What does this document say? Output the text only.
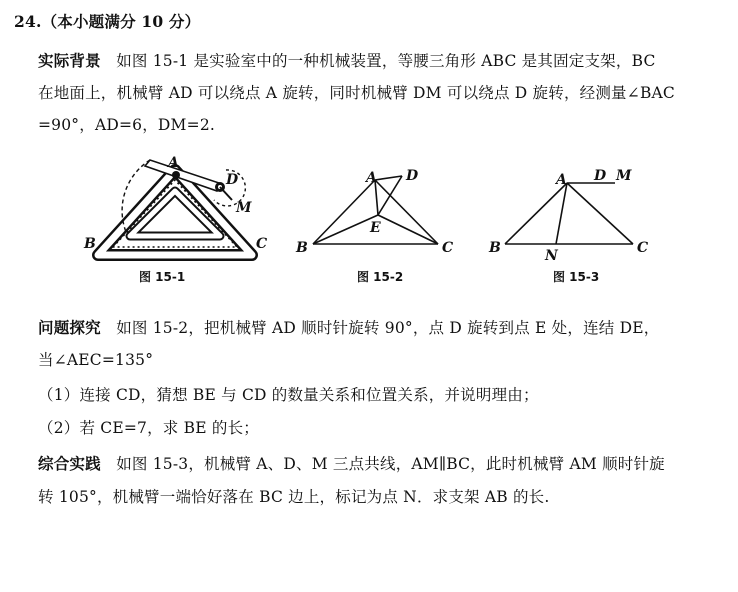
24.（本小题满分 10 分）
实际背景 如图 15-1 是实验室中的一种机械装置，等腰三角形 ABC 是其固定支架，BC
在地面上，机械臂 AD 可以绕点 A 旋转，同时机械臂 DM 可以绕点 D 旋转，经测量∠BAC
=90°，AD=6，DM=2.
A
B	C
D
M
图 15-1
A
B	C
D
E
图 15-2
A
B	C
D M
N
图 15-3
问题探究 如图 15-2，把机械臂 AD 顺时针旋转 90°，点 D 旋转到点 E 处，连结 DE，
当∠AEC=135°
（1）连接 CD，猜想 BE 与 CD 的数量关系和位置关系，并说明理由；
（2）若 CE=7，求 BE 的长；
综合实践 如图 15-3，机械臂 A、D、M 三点共线，AM∥BC，此时机械臂 AM 顺时针旋
转 105°，机械臂一端恰好落在 BC 边上，标记为点 N．求支架 AB 的长.
